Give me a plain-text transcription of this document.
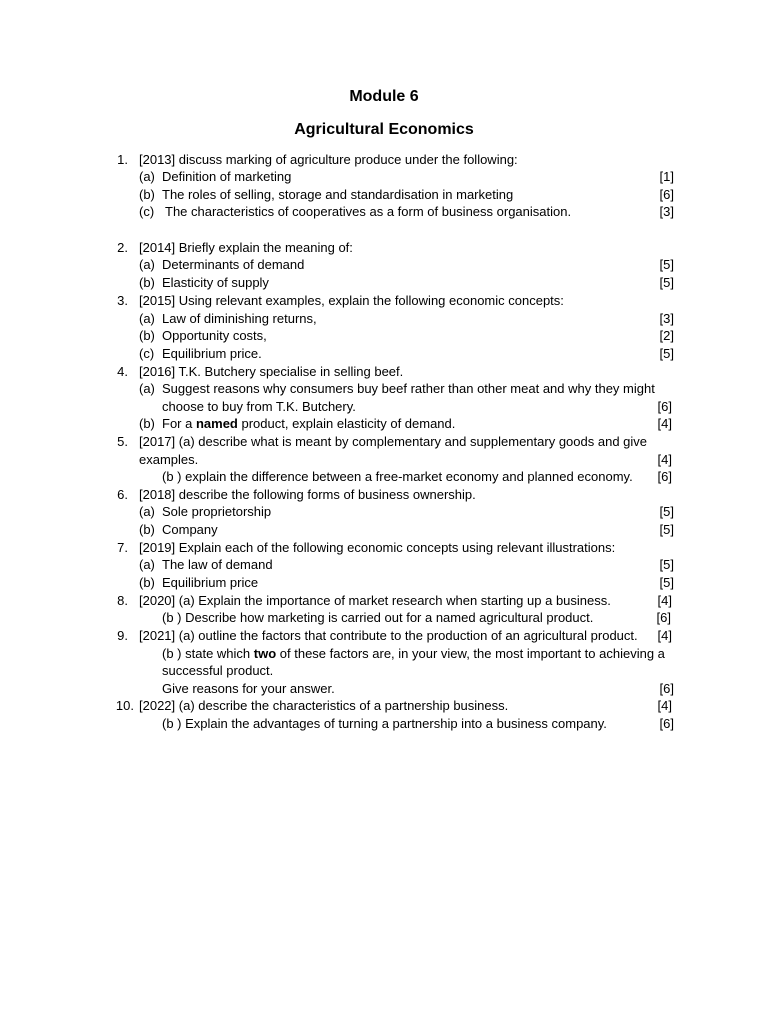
Module 6
Agricultural Economics
1. [2013] discuss marking of agriculture produce under the following:
(a) Definition of marketing	[1]
(b) The roles of selling, storage and standardisation in marketing	[6]
(c) The characteristics of cooperatives as a form of business organisation.	[3]
2. [2014] Briefly explain the meaning of:
(a) Determinants of demand	[5]
(b) Elasticity of supply	[5]
3. [2015] Using relevant examples, explain the following economic concepts:
(a) Law of diminishing returns,	[3]
(b) Opportunity costs,	[2]
(c) Equilibrium price.	[5]
4. [2016] T.K. Butchery specialise in selling beef.
(a) Suggest reasons why consumers buy beef rather than other meat and why they might
choose to buy from T.K. Butchery.	[6]
(b) For a named product, explain elasticity of demand.	[4]
5. [2017] (a) describe what is meant by complementary and supplementary goods and give
examples.	[4]
(b ) explain the difference between a free-market economy and planned economy. [6]
6. [2018] describe the following forms of business ownership.
(a) Sole proprietorship	[5]
(b) Company	[5]
7. [2019] Explain each of the following economic concepts using relevant illustrations:
(a) The law of demand	[5]
(b) Equilibrium price	[5]
8. [2020] (a) Explain the importance of market research when starting up a business.	[4]
(b ) Describe how marketing is carried out for a named agricultural product.	[6]
9. [2021] (a) outline the factors that contribute to the production of an agricultural product. [4]
(b ) state which two of these factors are, in your view, the most important to achieving a
successful product.
Give reasons for your answer.	[6]
10. [2022] (a) describe the characteristics of a partnership business.	[4]
(b ) Explain the advantages of turning a partnership into a business company.	[6]
